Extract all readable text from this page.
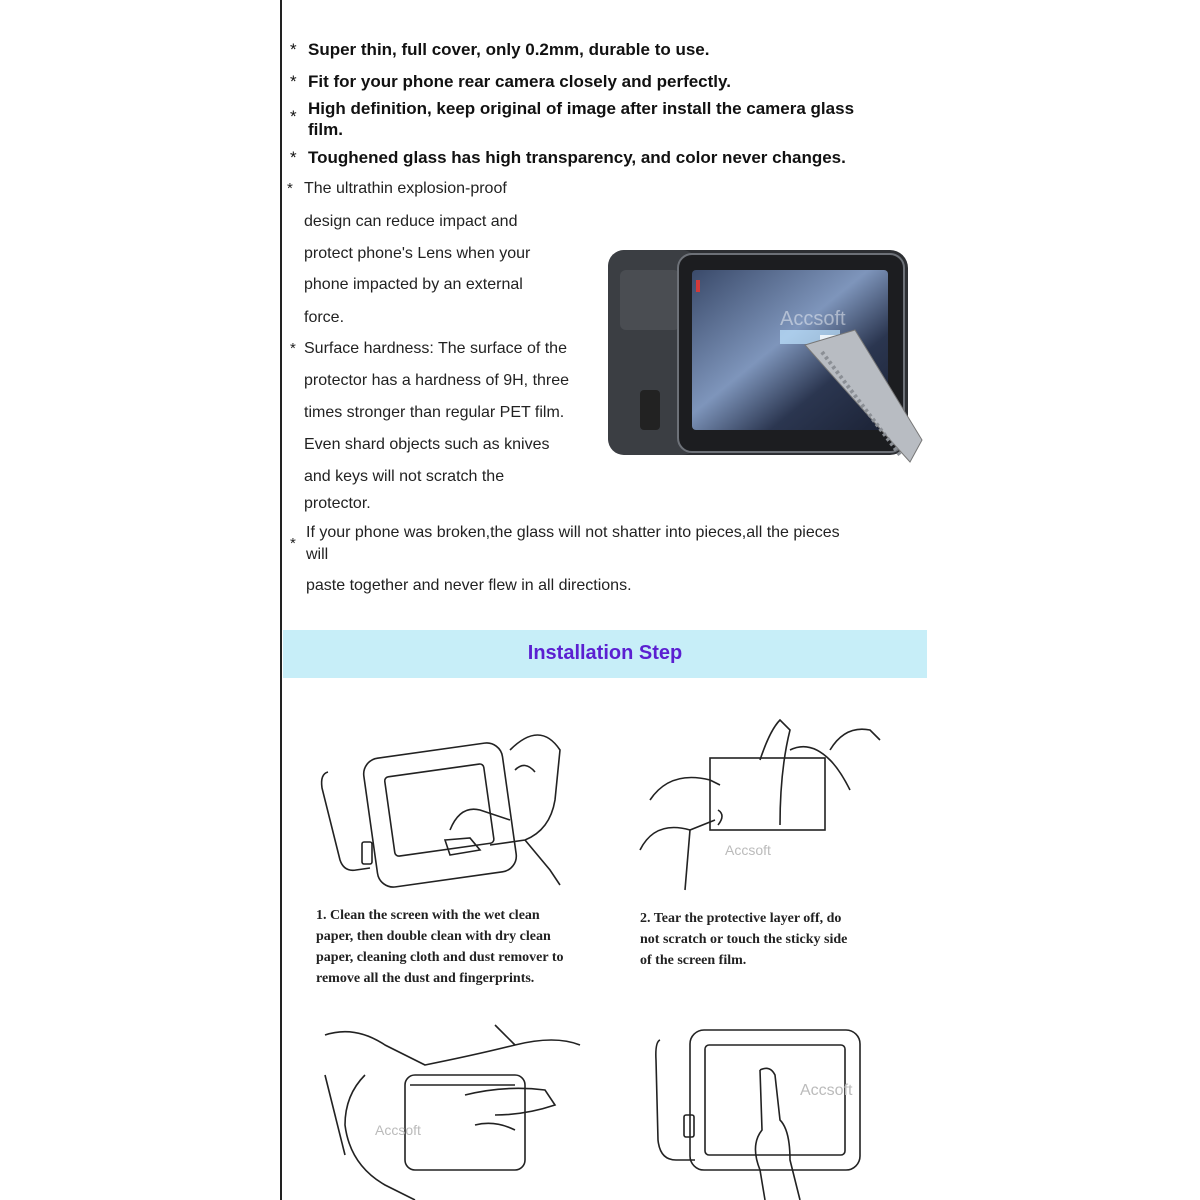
* Super thin, full cover, only 0.2mm, durable to use.
* Fit for your phone rear camera closely and perfectly.
* High definition, keep original of image after install the camera glass film.
* Toughened glass has high transparency, and color never changes.
* The ultrathin explosion-proof
design can reduce impact and
protect phone's Lens when your
phone impacted by an external
force.
* Surface hardness: The surface of the
protector has a hardness of 9H, three
times stronger than regular PET film.
Even shard objects such as knives
and keys will not scratch the
protector.
*
If your phone was broken,the glass will not shatter into pieces,all the pieces
will
paste together and never flew in all directions.
Accsoft
Installation Step
Accsoft
1. Clean the screen with the wet clean
paper, then double clean with dry clean
paper, cleaning cloth and dust remover to
remove all the dust and fingerprints.
2. Tear the protective layer off, do
not scratch or touch the sticky side
of the screen film.
Accsoft
Accsoft
